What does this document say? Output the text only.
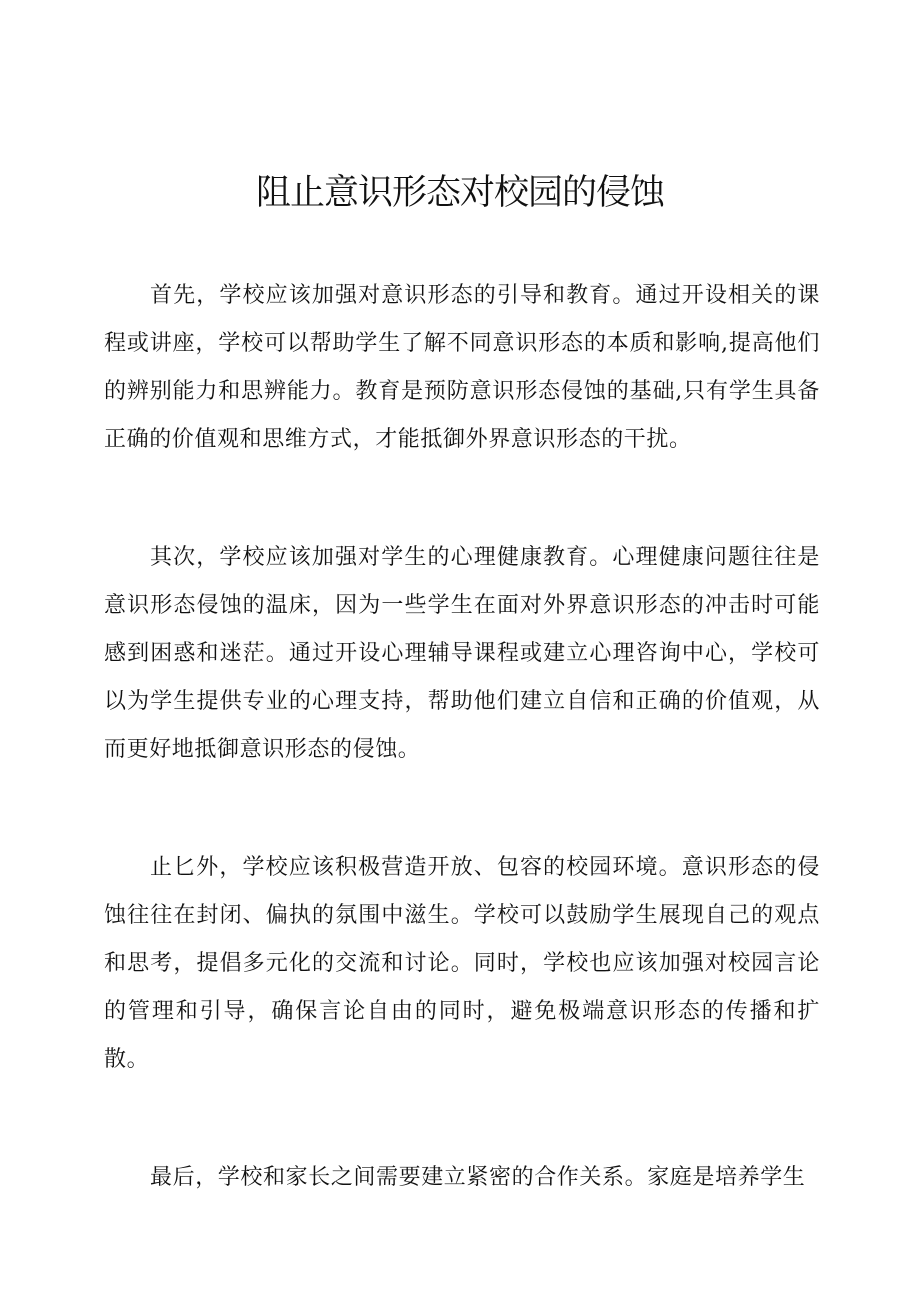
阻止意识形态对校园的侵蚀

首先，学校应该加强对意识形态的引导和教育。通过开设相关的课程或讲座，学校可以帮助学生了解不同意识形态的本质和影响,提高他们的辨别能力和思辨能力。教育是预防意识形态侵蚀的基础,只有学生具备正确的价值观和思维方式，才能抵御外界意识形态的干扰。

其次，学校应该加强对学生的心理健康教育。心理健康问题往往是意识形态侵蚀的温床，因为一些学生在面对外界意识形态的冲击时可能感到困惑和迷茫。通过开设心理辅导课程或建立心理咨询中心，学校可以为学生提供专业的心理支持，帮助他们建立自信和正确的价值观，从而更好地抵御意识形态的侵蚀。

止匕外，学校应该积极营造开放、包容的校园环境。意识形态的侵蚀往往在封闭、偏执的氛围中滋生。学校可以鼓励学生展现自己的观点和思考，提倡多元化的交流和讨论。同时，学校也应该加强对校园言论的管理和引导，确保言论自由的同时，避免极端意识形态的传播和扩散。

最后，学校和家长之间需要建立紧密的合作关系。家庭是培养学生
